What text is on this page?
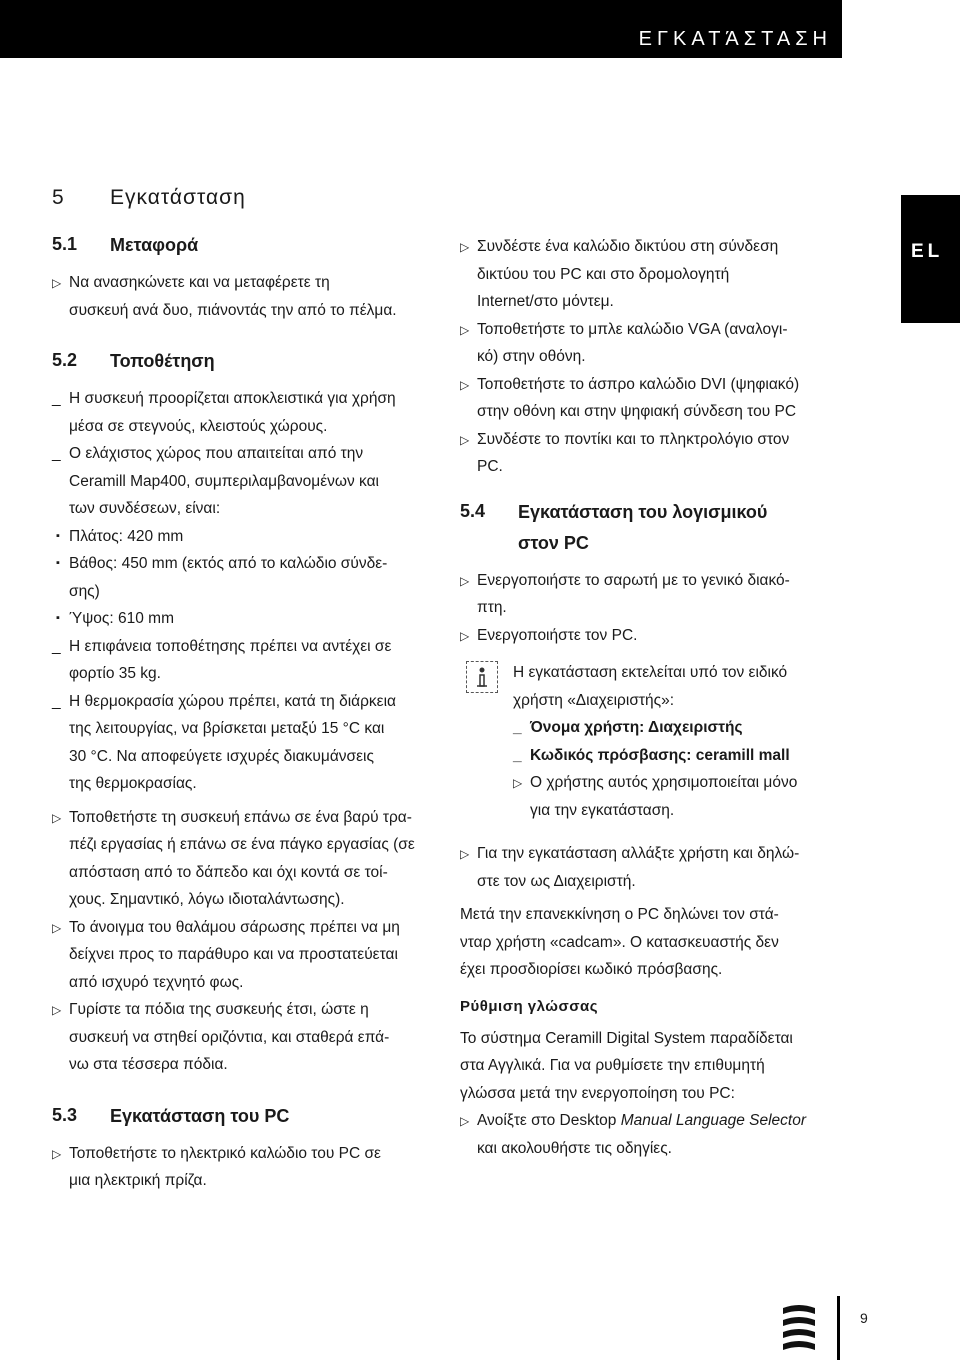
ΕΓΚΑΤΆΣΤΑΣΗ
EL
5	Εγκατάσταση
5.1	Μεταφορά
▷ Να ανασηκώνετε και να μεταφέρετε τη
συσκευή ανά δυο, πιάνοντάς την από το πέλμα.
5.2	Τοποθέτηση
_ Η συσκευή προορίζεται αποκλειστικά για χρήση
μέσα σε στεγνούς, κλειστούς χώρους.
_ Ο ελάχιστος χώρος που απαιτείται από την
Ceramill Map400, συμπεριλαμβανομένων και
των συνδέσεων, είναι:
▪ Πλάτος: 420 mm
▪ Βάθος: 450 mm (εκτός από το καλώδιο σύνδε-
σης)
▪ Ύψος: 610 mm
_ Η επιφάνεια τοποθέτησης πρέπει να αντέχει σε
φορτίο 35 kg.
_ Η θερμοκρασία χώρου πρέπει, κατά τη διάρκεια
της λειτουργίας, να βρίσκεται μεταξύ 15 °C και
30 °C. Να αποφεύγετε ισχυρές διακυμάνσεις
της θερμοκρασίας.
▷ Τοποθετήστε τη συσκευή επάνω σε ένα βαρύ τρα-
πέζι εργασίας ή επάνω σε ένα πάγκο εργασίας (σε
απόσταση από το δάπεδο και όχι κοντά σε τοί-
χους. Σημαντικό, λόγω ιδιοταλάντωσης).
▷ Το άνοιγμα του θαλάμου σάρωσης πρέπει να μη
δείχνει προς το παράθυρο και να προστατεύεται
από ισχυρό τεχνητό φως.
▷ Γυρίστε τα πόδια της συσκευής έτσι, ώστε η
συσκευή να στηθεί οριζόντια, και σταθερά επά-
νω στα τέσσερα πόδια.
5.3	Εγκατάσταση του PC
▷ Τοποθετήστε το ηλεκτρικό καλώδιο του PC σε
μια ηλεκτρική πρίζα.
▷ Συνδέστε ένα καλώδιο δικτύου στη σύνδεση
δικτύου του PC και στο δρομολογητή
Internet/στο μόντεμ.
▷ Τοποθετήστε το μπλε καλώδιο VGA (αναλογι-
κό) στην οθόνη.
▷ Τοποθετήστε το άσπρο καλώδιο DVI (ψηφιακό)
στην οθόνη και στην ψηφιακή σύνδεση του PC
▷ Συνδέστε το ποντίκι και το πληκτρολόγιο στον
PC.
5.4	Εγκατάσταση του λογισμικού
στον PC
▷ Ενεργοποιήστε το σαρωτή με το γενικό διακό-
πτη.
▷ Ενεργοποιήστε τον PC.
Η εγκατάσταση εκτελείται υπό τον ειδικό
χρήστη «Διαχειριστής»:
_ Όνομα χρήστη: Διαχειριστής
_ Κωδικός πρόσβασης: ceramill mall
▷ Ο χρήστης αυτός χρησιμοποιείται μόνο
για την εγκατάσταση.
▷ Για την εγκατάσταση αλλάξτε χρήστη και δηλώ-
στε τον ως Διαχειριστή.
Μετά την επανεκκίνηση ο PC δηλώνει τον στά-
νταρ χρήστη «cadcam». Ο κατασκευαστής δεν
έχει προσδιορίσει κωδικό πρόσβασης.
Ρύθμιση γλώσσας
Το σύστημα Ceramill Digital System παραδίδεται
στα Αγγλικά. Για να ρυθμίσετε την επιθυμητή
γλώσσα μετά την ενεργοποίηση του PC:
▷ Ανοίξτε στο Desktop Manual Language Selector
και ακολουθήστε τις οδηγίες.
9
